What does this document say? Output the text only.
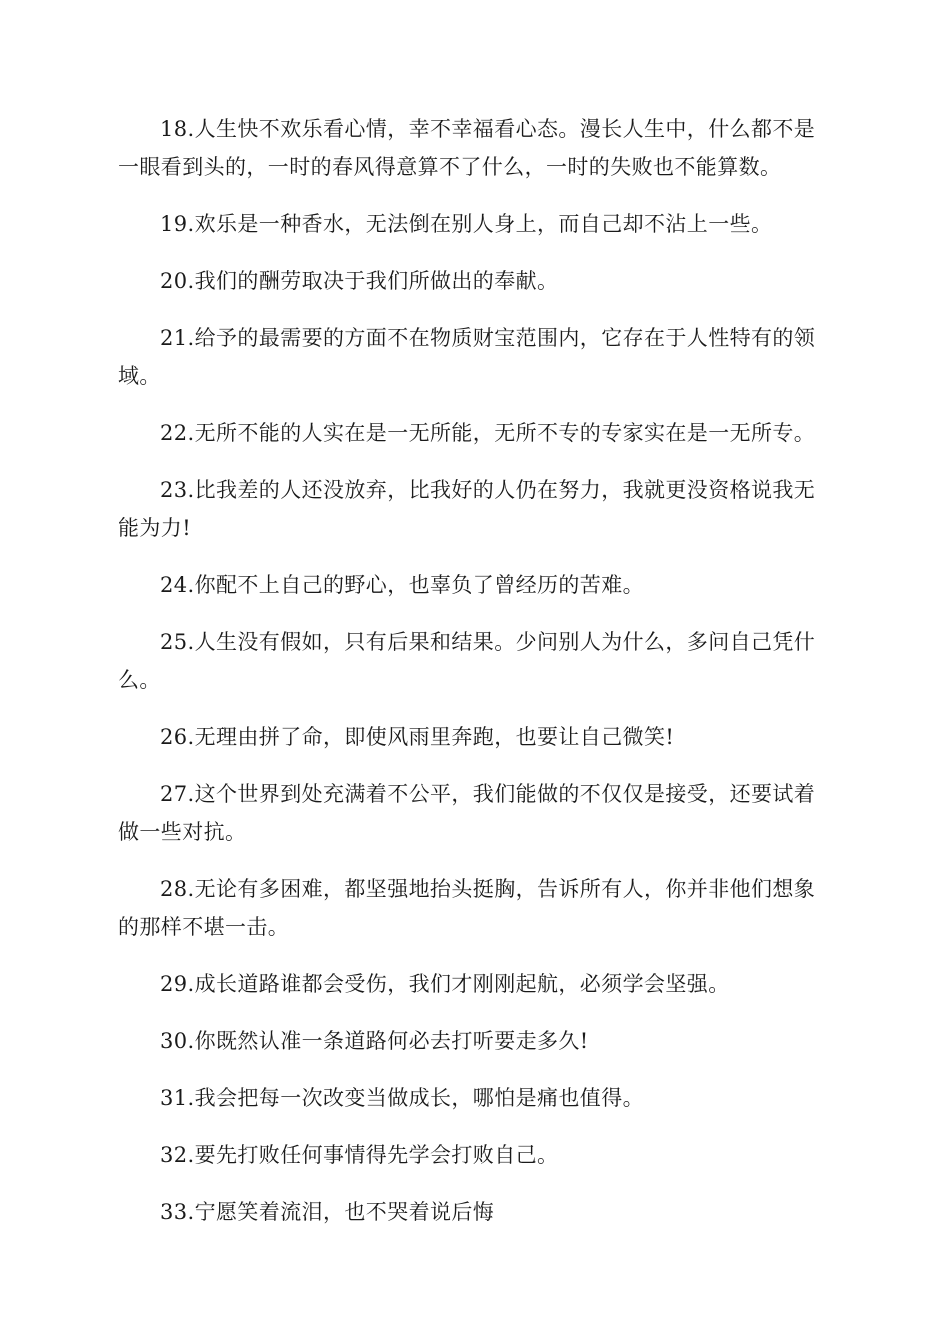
18.人生快不欢乐看心情，幸不幸福看心态。漫长人生中，什么都不是一眼看到头的，一时的春风得意算不了什么，一时的失败也不能算数。

19.欢乐是一种香水，无法倒在别人身上，而自己却不沾上一些。

20.我们的酬劳取决于我们所做出的奉献。

21.给予的最需要的方面不在物质财宝范围内，它存在于人性特有的领域。

22.无所不能的人实在是一无所能，无所不专的专家实在是一无所专。

23.比我差的人还没放弃，比我好的人仍在努力，我就更没资格说我无能为力!

24.你配不上自己的野心，也辜负了曾经历的苦难。

25.人生没有假如，只有后果和结果。少问别人为什么，多问自己凭什么。

26.无理由拼了命，即使风雨里奔跑，也要让自己微笑!

27.这个世界到处充满着不公平，我们能做的不仅仅是接受，还要试着做一些对抗。

28.无论有多困难，都坚强地抬头挺胸，告诉所有人，你并非他们想象的那样不堪一击。

29.成长道路谁都会受伤，我们才刚刚起航，必须学会坚强。

30.你既然认准一条道路何必去打听要走多久!

31.我会把每一次改变当做成长，哪怕是痛也值得。

32.要先打败任何事情得先学会打败自己。

33.宁愿笑着流泪，也不哭着说后悔
